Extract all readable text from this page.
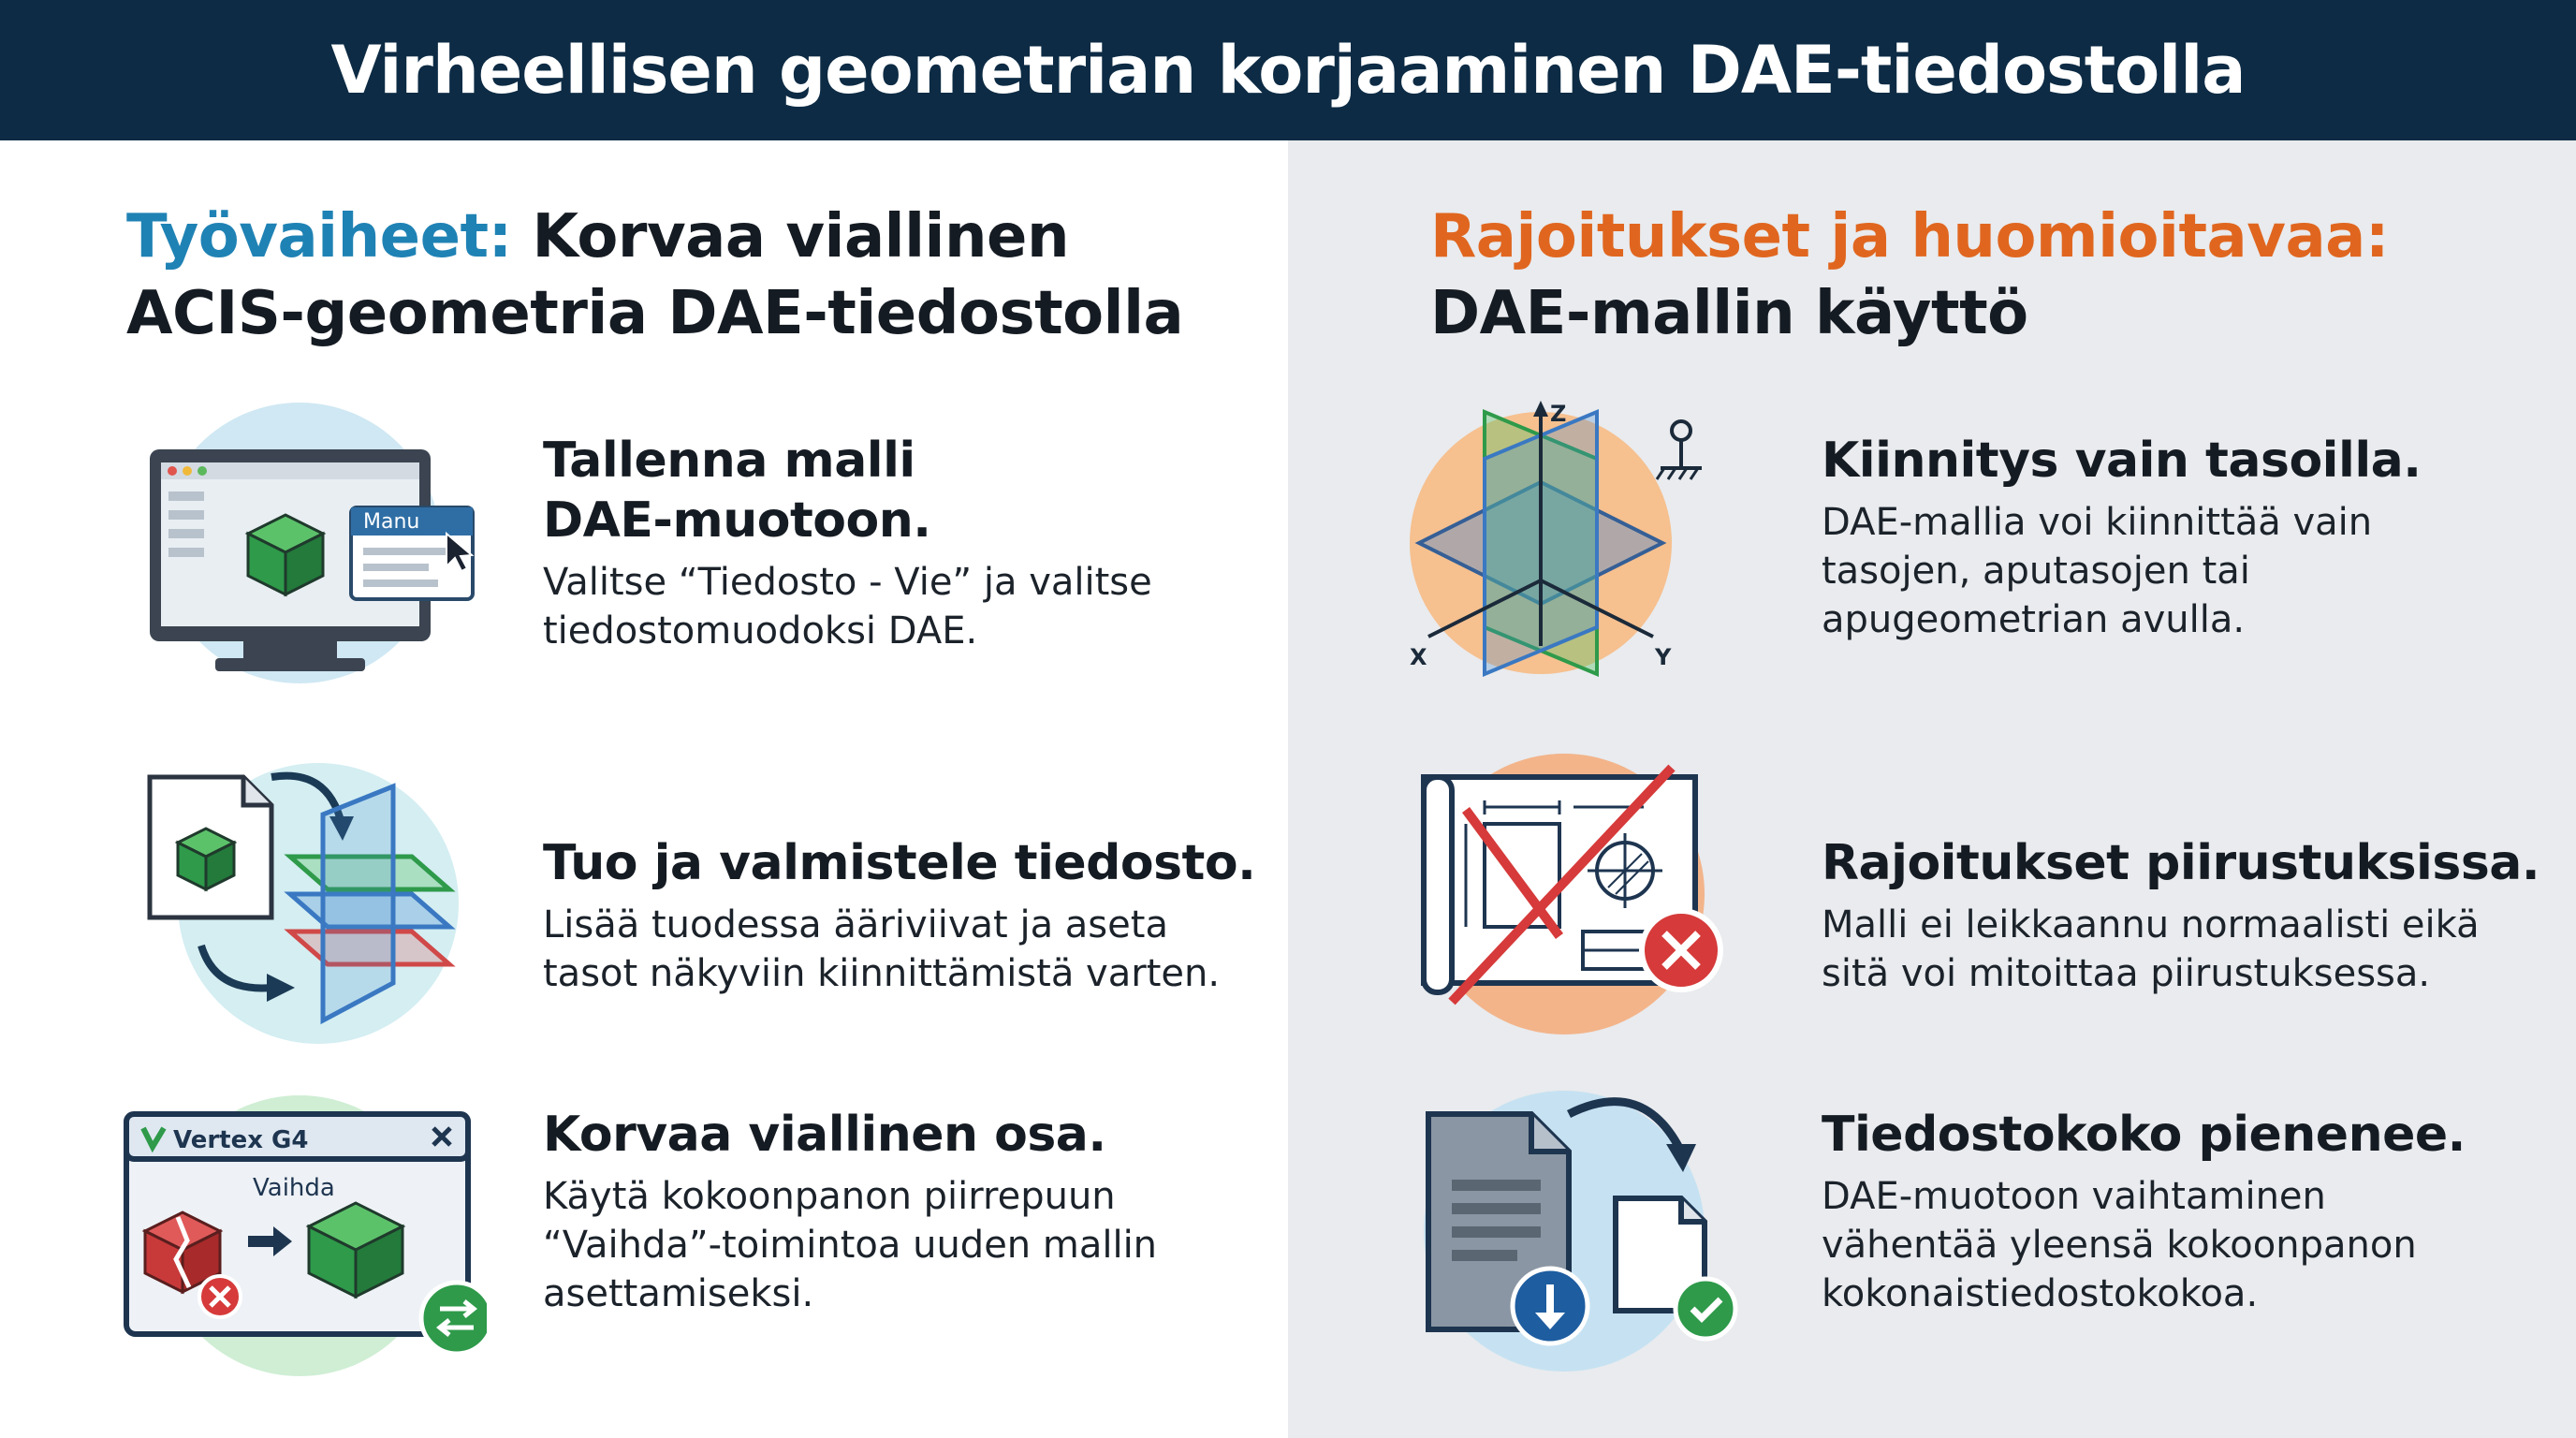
Virheellisen geometrian korjaaminen DAE-tiedostolla
Työvaiheet: Korvaa viallinen
ACIS-geometria DAE-tiedostolla
Manu
Tallenna malli
DAE-muotoon.
Valitse “Tiedosto - Vie” ja valitse
tiedostomuodoksi DAE.
Tuo ja valmistele tiedosto.
Lisää tuodessa ääriviivat ja aseta
tasot näkyviin kiinnittämistä varten.
Vertex G4
Vaihda
Korvaa viallinen osa.
Käytä kokoonpanon piirrepuun
“Vaihda”-toimintoa uuden mallin
asettamiseksi.
Rajoitukset ja huomioitavaa:
DAE-mallin käyttö
Z
X	Y
Kiinnitys vain tasoilla.
DAE-mallia voi kiinnittää vain
tasojen, aputasojen tai
apugeometrian avulla.
Rajoitukset piirustuksissa.
Malli ei leikkaannu normaalisti eikä
sitä voi mitoittaa piirustuksessa.
Tiedostokoko pienenee.
DAE-muotoon vaihtaminen
vähentää yleensä kokoonpanon
kokonaistiedostokokoa.
